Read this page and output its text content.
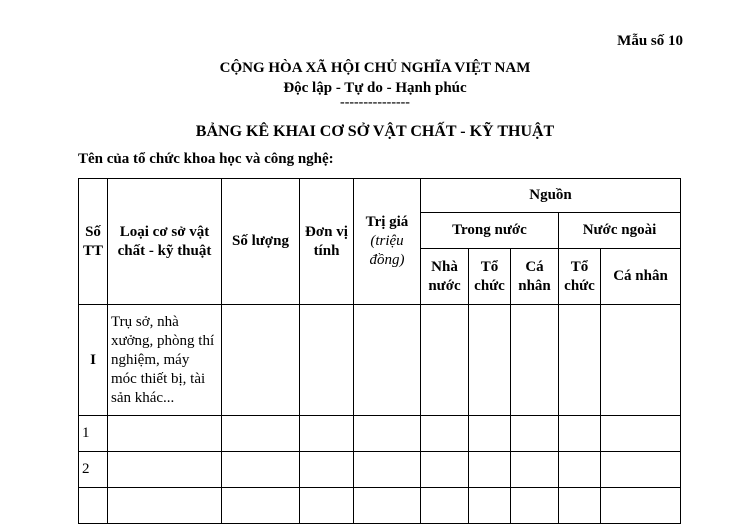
Mẫu số 10
CỘNG HÒA XÃ HỘI CHỦ NGHĨA VIỆT NAM
Độc lập - Tự do - Hạnh phúc
---------------
BẢNG KÊ KHAI CƠ SỞ VẬT CHẤT - KỸ THUẬT
Tên của tổ chức khoa học và công nghệ:
Số TT	Loại cơ sở vật chất - kỹ thuật	Số lượng	Đơn vị tính	Trị giá (triệu đồng)	Nguồn				
					Trong nước			Nước ngoài	
					Nhà nước	Tổ chức	Cá nhân	Tổ chức	Cá nhân
I	Trụ sở, nhà xưởng, phòng thí nghiệm, máy móc thiết bị, tài sản khác...								
1									
2									
